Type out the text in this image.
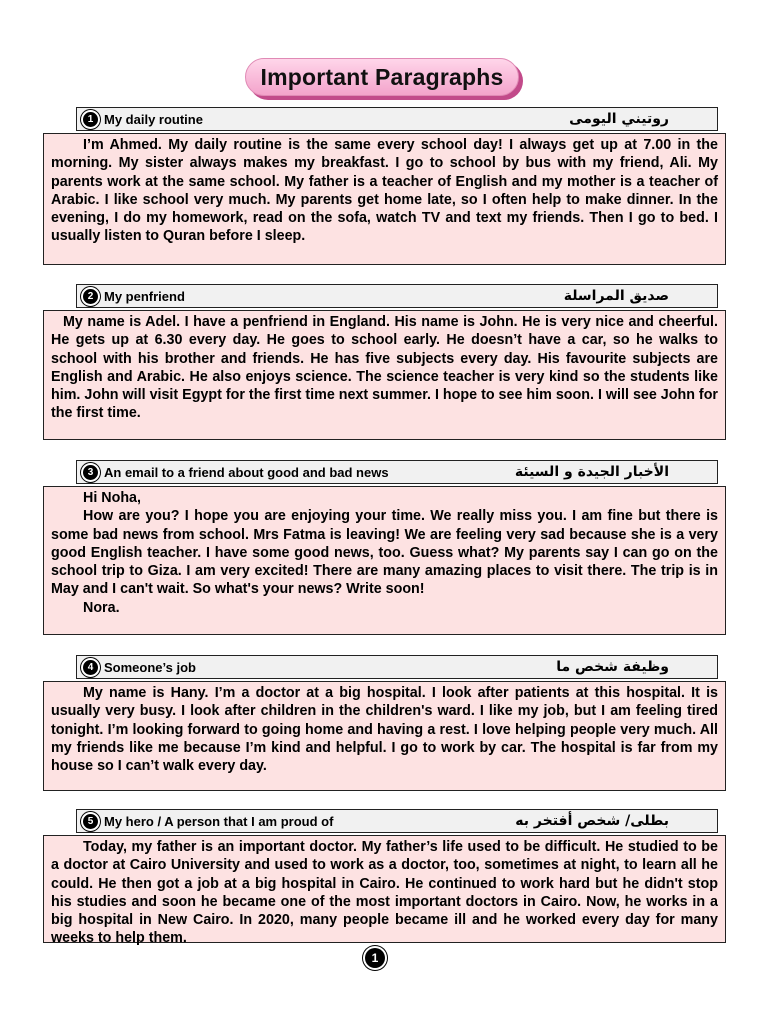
Important Paragraphs
1 My daily routine	روتيني اليومى

I’m Ahmed. My daily routine is the same every school day! I always get up at 7.00 in the morning. My sister always makes my breakfast. I go to school by bus with my friend, Ali. My parents work at the same school. My father is a teacher of English and my mother is a teacher of Arabic. I like school very much. My parents get home late, so I often help to make dinner. In the evening, I do my homework, read on the sofa, watch TV and text my friends. Then I go to bed. I usually listen to Quran before I sleep.

2 My penfriend	صديق المراسلة

My name is Adel. I have a penfriend in England. His name is John. He is very nice and cheerful. He gets up at 6.30 every day. He goes to school early. He doesn’t have a car, so he walks to school with his brother and friends. He has five subjects every day. His favourite subjects are English and Arabic. He also enjoys science. The science teacher is very kind so the students like him. John will visit Egypt for the first time next summer. I hope to see him soon. I will see John for the first time.

3 An email to a friend about good and bad news	الأخبار الجيدة و السيئة

Hi Noha,

How are you? I hope you are enjoying your time. We really miss you. I am fine but there is some bad news from school. Mrs Fatma is leaving! We are feeling very sad because she is a very good English teacher. I have some good news, too. Guess what? My parents say I can go on the school trip to Giza. I am very excited! There are many amazing places to visit there. The trip is in May and I can't wait. So what's your news? Write soon!

Nora.

4 Someone’s job	وظيفة شخص ما

My name is Hany. I’m a doctor at a big hospital. I look after patients at this hospital. It is usually very busy. I look after children in the children's ward. I like my job, but I am feeling tired tonight. I’m looking forward to going home and having a rest. I love helping people very much. All my friends like me because I’m kind and helpful. I go to work by car. The hospital is far from my house so I can’t walk every day.

5 My hero / A person that I am proud of	بطلى/ شخص أفتخر به

Today, my father is an important doctor. My father’s life used to be difficult. He studied to be a doctor at Cairo University and used to work as a doctor, too, sometimes at night, to learn all he could. He then got a job at a big hospital in Cairo. He continued to work hard but he didn't stop his studies and soon he became one of the most important doctors in Cairo. Now, he works in a big hospital in New Cairo. In 2020, many people became ill and he worked every day for many weeks to help them.

1
